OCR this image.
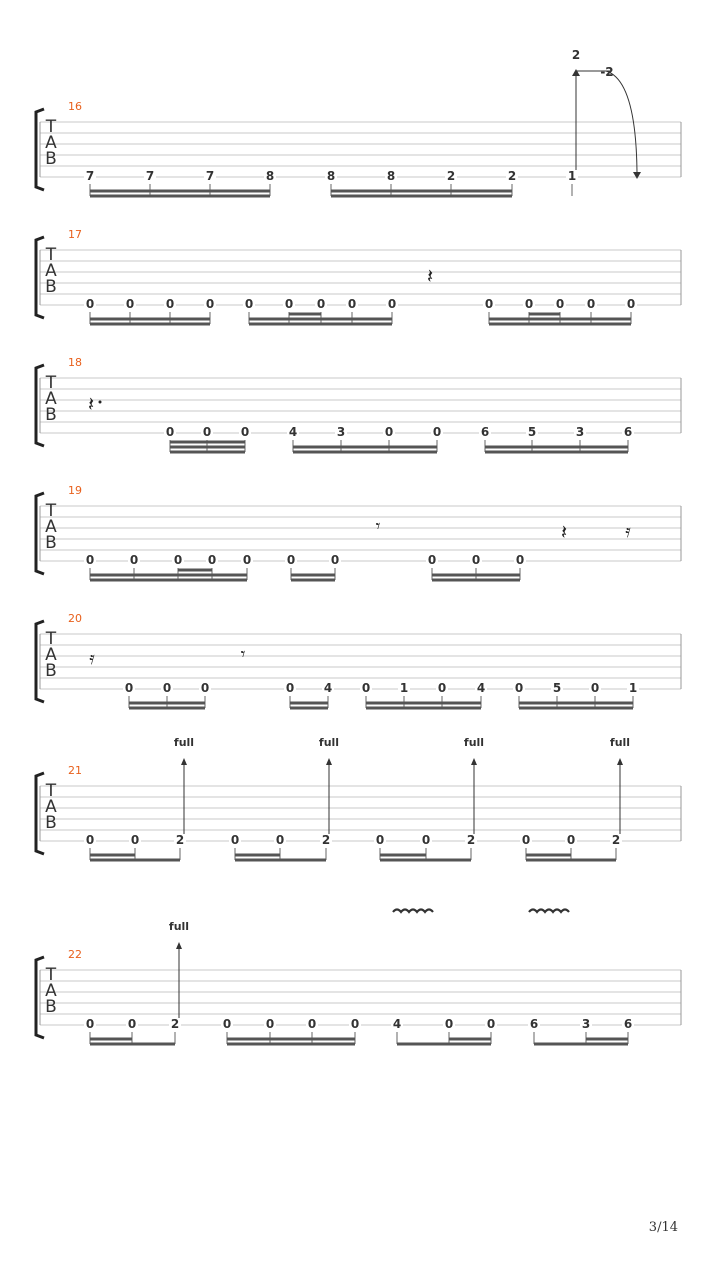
T
A
B
16
7	7	7	8	8	8	2	2	1
T
A
B
17
0	0	0	0	0	0 0 0	0	0	0 0 0	0
T
A
B
18
0 0 0	4	3	0	0	6	5	3	6
T
A
B
19
0	0	0 0 0	0	0	0	0	0
T
A
B
20
0 0 0	0 4 0 1 0	4 0 5 0 1
T
A
B
21
0	0	2	0	0	2	0	0	2	0	0	2
T
A
B
22
0	0	2	0	0	0	0	4	0	0	6	3	6
2
-2
𝄽
𝄽
𝄾	𝄽	𝄿
𝄿	𝄾
full	full	full	full
full
3/14
